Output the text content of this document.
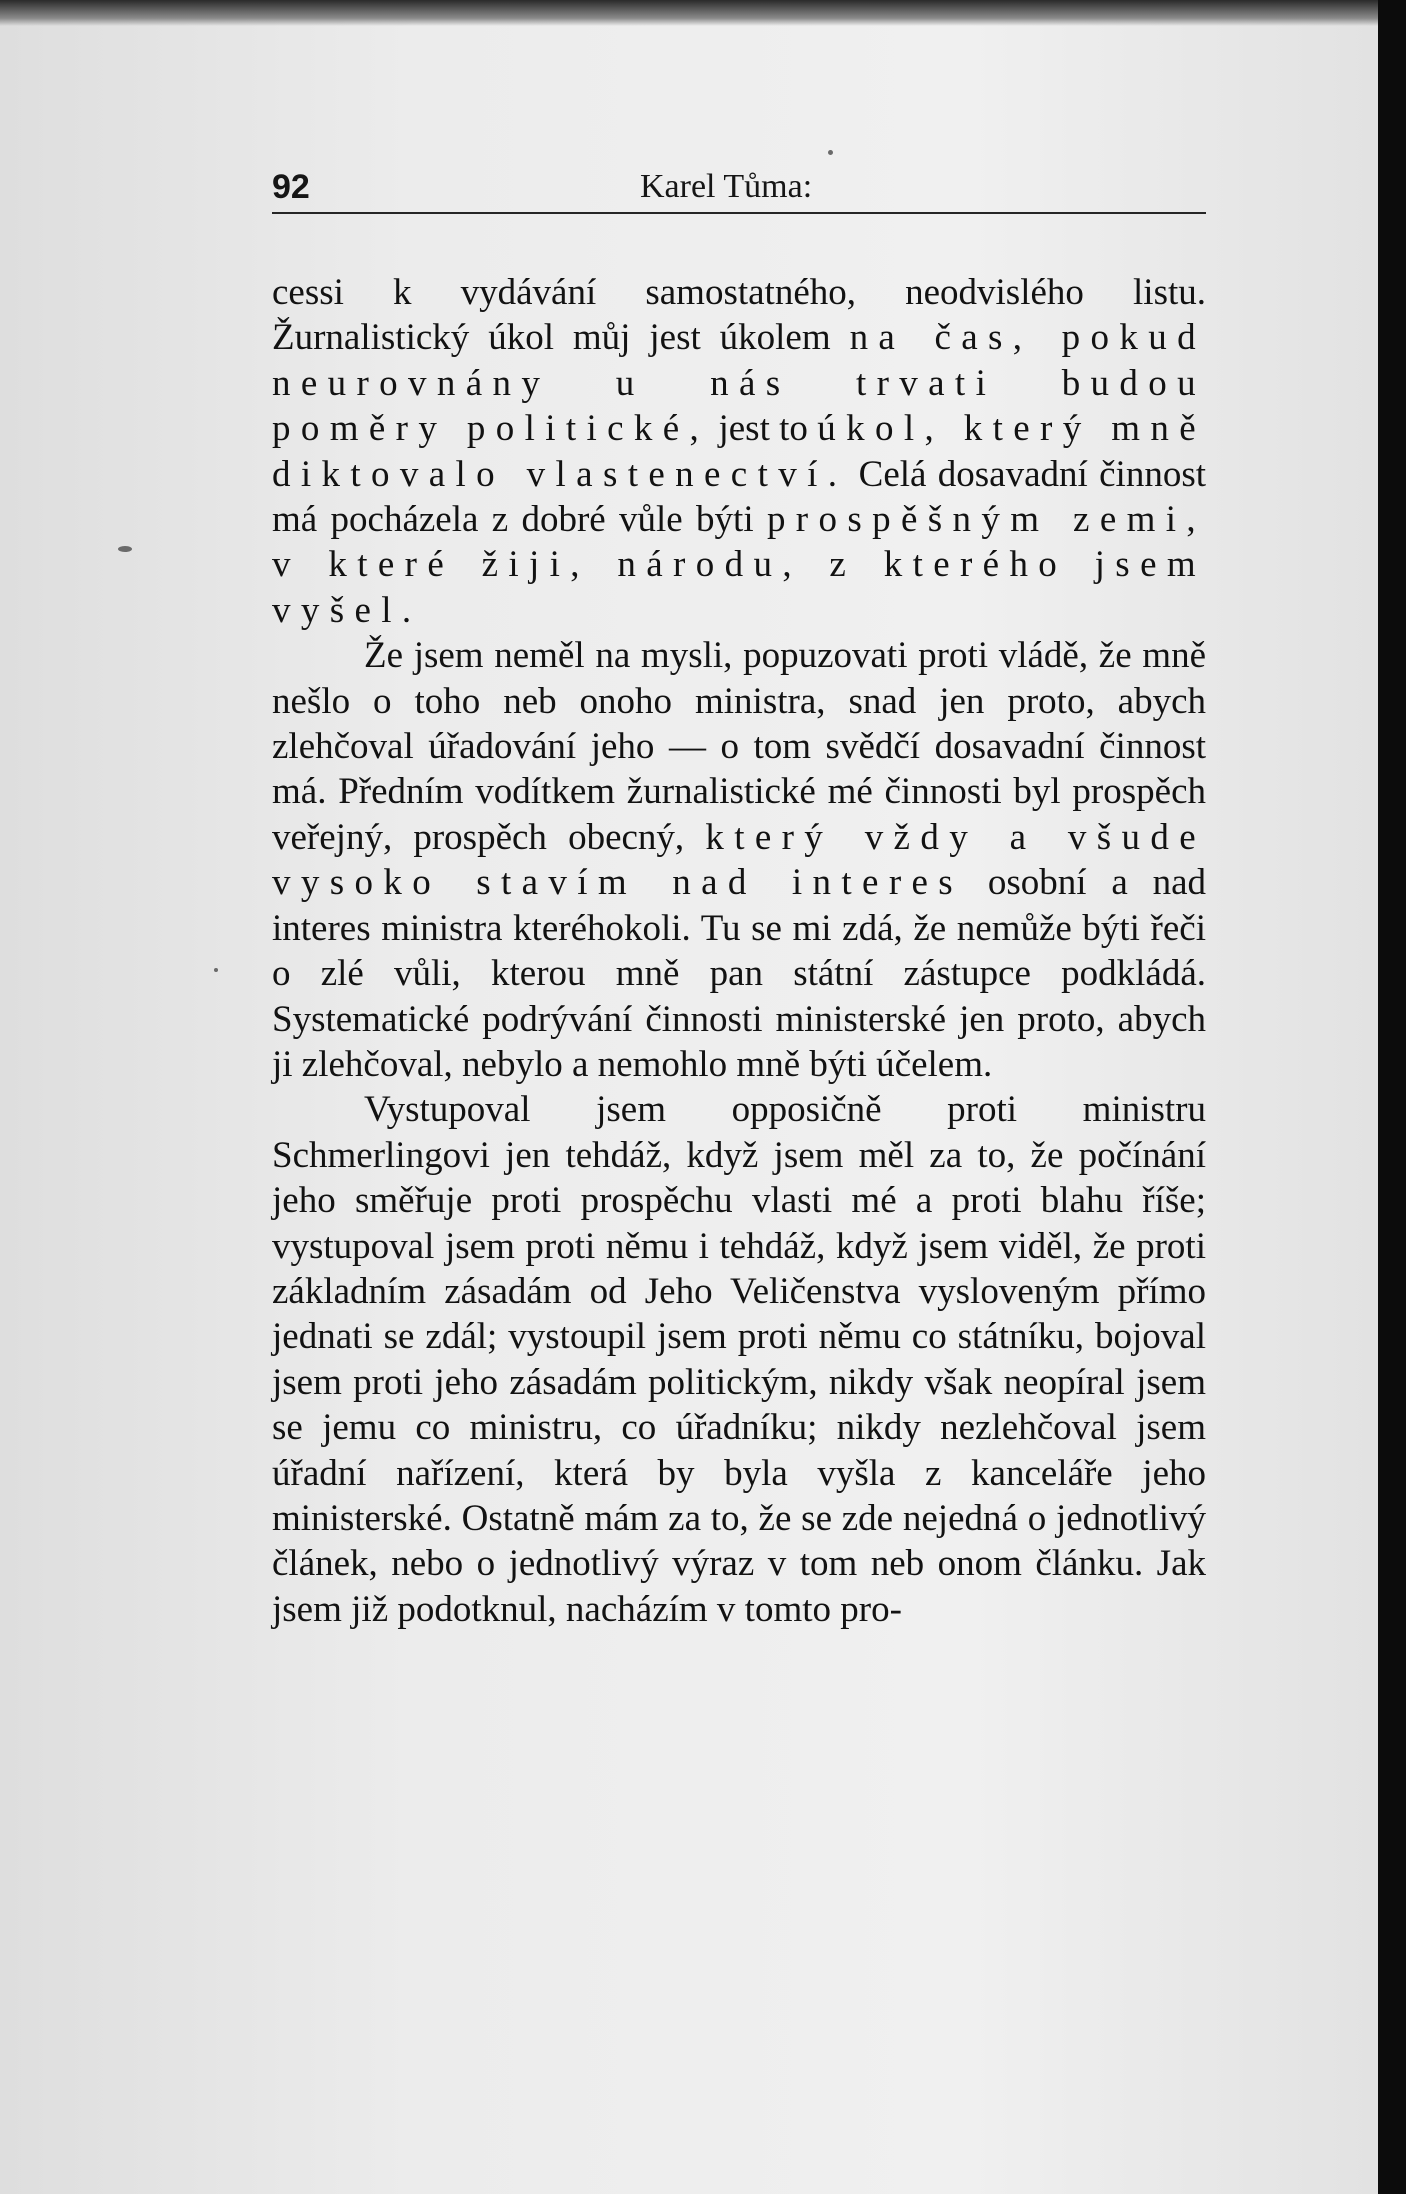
92	Karel Tůma:

cessi k vydávání samostatného, neodvislého listu. Žurnalistický úkol můj jest úkolem na čas, pokud neurovnány u nás trvati budou poměry politické, jest to úkol, který mně diktovalo vlastenectví. Celá dosavadní činnost má pocházela z dobré vůle býti prospěšným zemi, v které žiji, národu, z kterého jsem vyšel.

Že jsem neměl na mysli, popuzovati proti vládě, že mně nešlo o toho neb onoho ministra, snad jen proto, abych zlehčoval úřadování jeho — o tom svědčí dosavadní činnost má. Předním vodítkem žurnalistické mé činnosti byl prospěch veřejný, prospěch obecný, který vždy a všude vysoko stavím nad interes osobní a nad interes ministra kteréhokoli. Tu se mi zdá, že nemůže býti řeči o zlé vůli, kterou mně pan státní zástupce podkládá. Systematické podrývání činnosti ministerské jen proto, abych ji zlehčoval, nebylo a nemohlo mně býti účelem.

Vystupoval jsem opposičně proti ministru Schmerlingovi jen tehdáž, když jsem měl za to, že počínání jeho směřuje proti prospěchu vlasti mé a proti blahu říše; vystupoval jsem proti němu i tehdáž, když jsem viděl, že proti základním zásadám od Jeho Veličenstva vysloveným přímo jednati se zdál; vystoupil jsem proti němu co státníku, bojoval jsem proti jeho zásadám politickým, nikdy však neopíral jsem se jemu co ministru, co úřadníku; nikdy nezlehčoval jsem úřadní nařízení, která by byla vyšla z kanceláře jeho ministerské. Ostatně mám za to, že se zde nejedná o jednotlivý článek, nebo o jednotlivý výraz v tom neb onom článku. Jak jsem již podotknul, nacházím v tomto pro-
